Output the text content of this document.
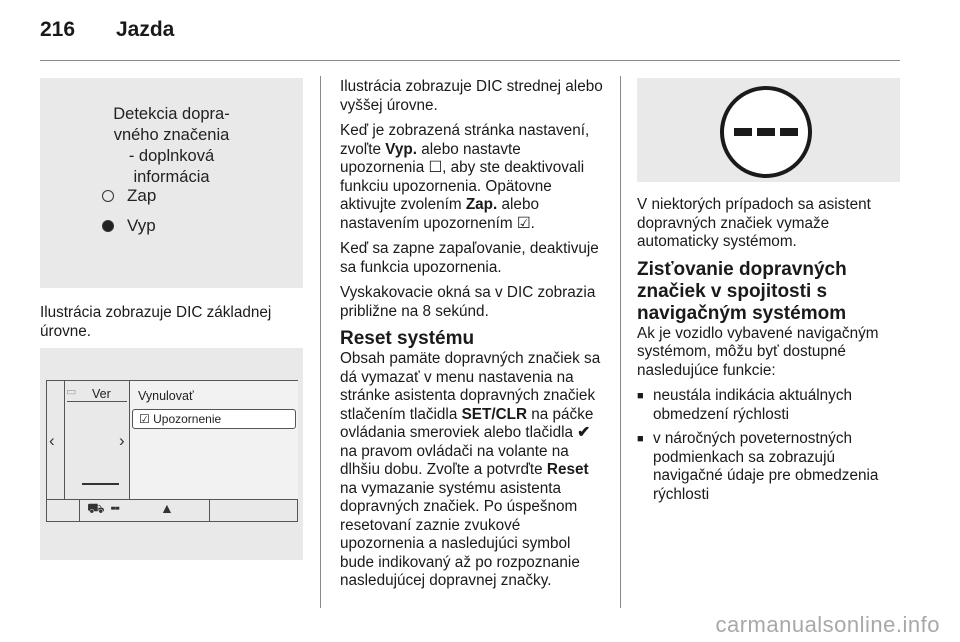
216 Jazda
Detekcia dopra-
vného značenia
- doplnková
informácia
Zap
Vyp

Ilustrácia zobrazuje DIC základnej úrovne.

‹
▭ Ver
›
Vynulovať
☑ Upozornenie
⛟ ╍	▲

Ilustrácia zobrazuje DIC strednej alebo vyššej úrovne.

Keď je zobrazená stránka nastavení, zvoľte Vyp. alebo nastavte upozornenia ☐, aby ste deaktivovali funkciu upozornenia. Opätovne aktivujte zvolením Zap. alebo nastavením upozornením ☑.

Keď sa zapne zapaľovanie, deaktivuje sa funkcia upozornenia.

Vyskakovacie okná sa v DIC zobrazia približne na 8 sekúnd.

Reset systému

Obsah pamäte dopravných značiek sa dá vymazať v menu nastavenia na stránke asistenta dopravných značiek stlačením tlačidla SET/CLR na páčke ovládania smeroviek alebo tlačidla ✔ na pravom ovládači na volante na dlhšiu dobu. Zvoľte a potvrďte Reset na vymazanie systému asistenta dopravných značiek. Po úspešnom resetovaní zaznie zvukové upozornenia a nasledujúci symbol bude indikovaný až po rozpoznanie nasledujúcej dopravnej značky.

V niektorých prípadoch sa asistent dopravných značiek vymaže automaticky systémom.

Zisťovanie dopravných značiek v spojitosti s navigačným systémom

Ak je vozidlo vybavené navigačným systémom, môžu byť dostupné nasledujúce funkcie:

■ neustála indikácia aktuálnych obmedzení rýchlosti
■ v náročných poveternostných podmienkach sa zobrazujú navigačné údaje pre obmedzenia rýchlosti
carmanualsonline.info
